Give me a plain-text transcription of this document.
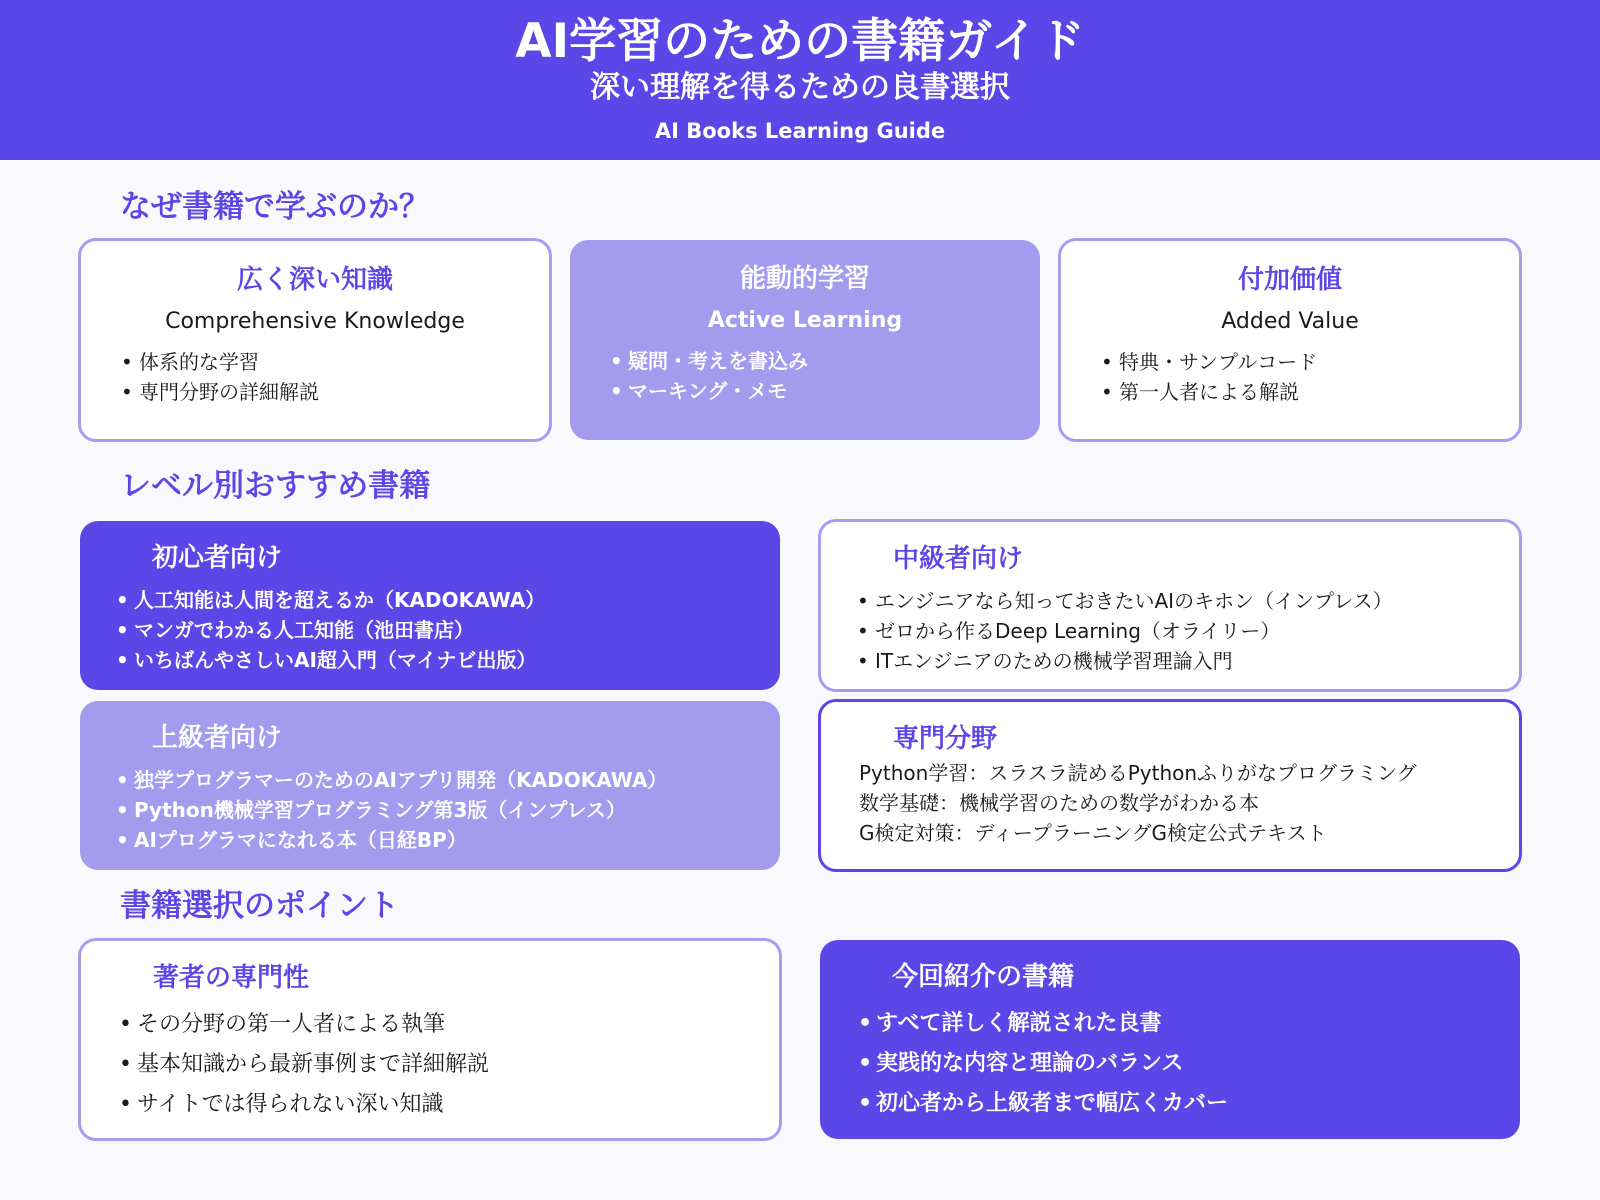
AI学習のための書籍ガイド
深い理解を得るための良書選択
AI Books Learning Guide
なぜ書籍で学ぶのか？
広く深い知識
Comprehensive Knowledge
• 体系的な学習
• 専門分野の詳細解説
能動的学習
Active Learning
• 疑問・考えを書込み
• マーキング・メモ
付加価値
Added Value
• 特典・サンプルコード
• 第一人者による解説
レベル別おすすめ書籍
初心者向け
• 人工知能は人間を超えるか（KADOKAWA）
• マンガでわかる人工知能（池田書店）
• いちばんやさしいAI超入門（マイナビ出版）
中級者向け
• エンジニアなら知っておきたいAIのキホン（インプレス）
• ゼロから作るDeep Learning（オライリー）
• ITエンジニアのための機械学習理論入門
上級者向け
• 独学プログラマーのためのAIアプリ開発（KADOKAWA）
• Python機械学習プログラミング第3版（インプレス）
• AIプログラマになれる本（日経BP）
専門分野
Python学習：スラスラ読めるPythonふりがなプログラミング
数学基礎：機械学習のための数学がわかる本
G検定対策：ディープラーニングG検定公式テキスト
書籍選択のポイント
著者の専門性
• その分野の第一人者による執筆
• 基本知識から最新事例まで詳細解説
• サイトでは得られない深い知識
今回紹介の書籍
• すべて詳しく解説された良書
• 実践的な内容と理論のバランス
• 初心者から上級者まで幅広くカバー
